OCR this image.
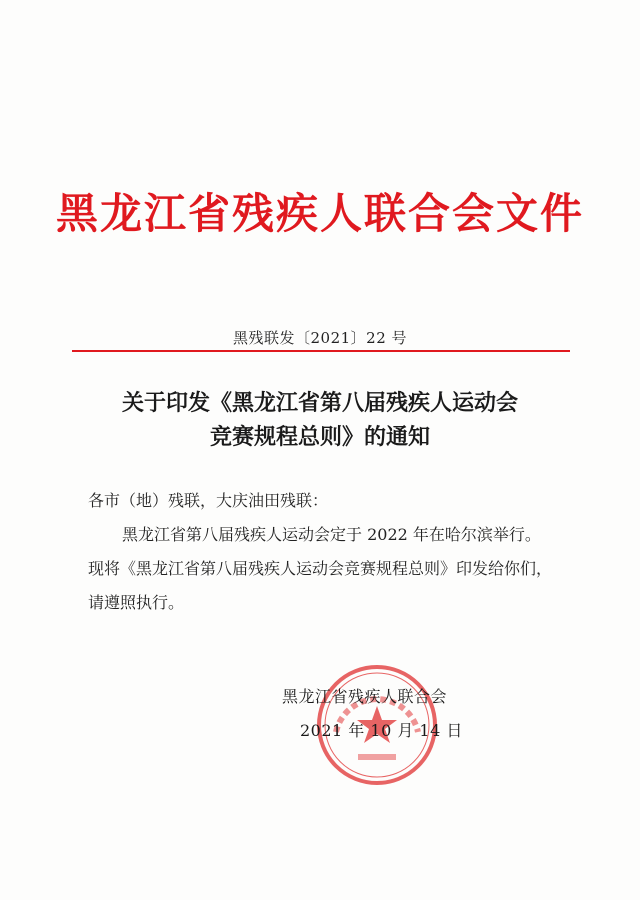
黑龙江省残疾人联合会文件
黑残联发〔2021〕22 号
关于印发《黑龙江省第八届残疾人运动会
竞赛规程总则》的通知
各市（地）残联，大庆油田残联：
黑龙江省第八届残疾人运动会定于 2022 年在哈尔滨举行。
现将《黑龙江省第八届残疾人运动会竞赛规程总则》印发给你们，
请遵照执行。
黑龙江省残疾人联合会
2021 年 10 月 14 日
